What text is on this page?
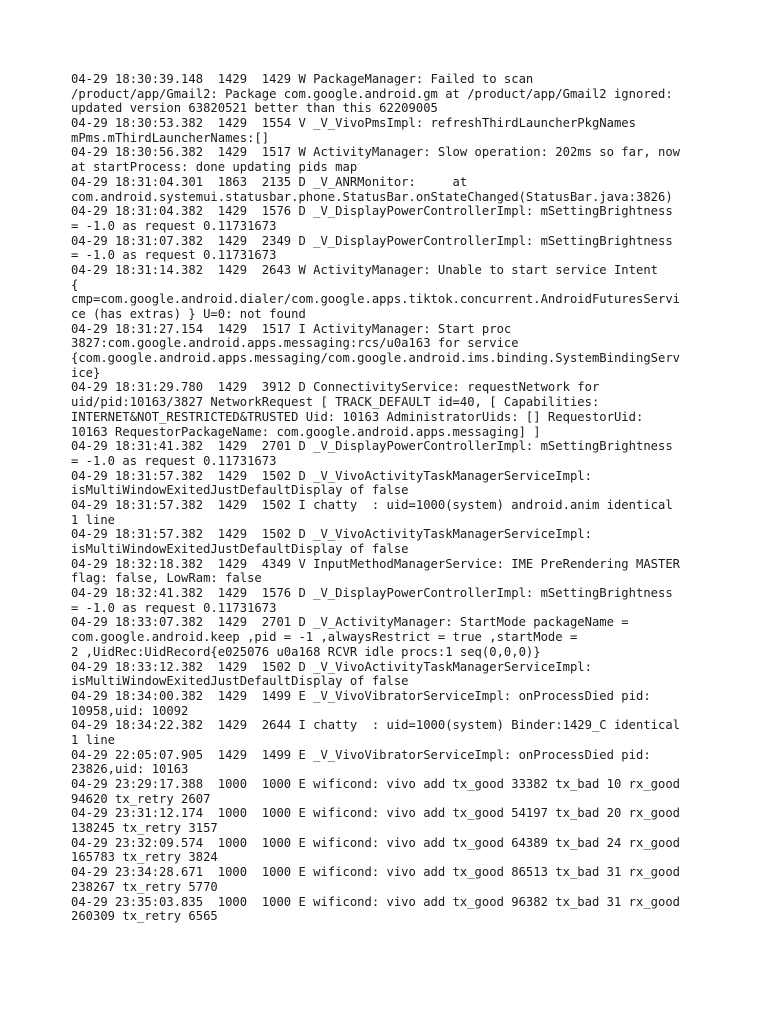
04-29 18:30:39.148  1429  1429 W PackageManager: Failed to scan
/product/app/Gmail2: Package com.google.android.gm at /product/app/Gmail2 ignored:
updated version 63820521 better than this 62209005
04-29 18:30:53.382  1429  1554 V _V_VivoPmsImpl: refreshThirdLauncherPkgNames
mPms.mThirdLauncherNames:[]
04-29 18:30:56.382  1429  1517 W ActivityManager: Slow operation: 202ms so far, now
at startProcess: done updating pids map
04-29 18:31:04.301  1863  2135 D _V_ANRMonitor:     at
com.android.systemui.statusbar.phone.StatusBar.onStateChanged(StatusBar.java:3826)
04-29 18:31:04.382  1429  1576 D _V_DisplayPowerControllerImpl: mSettingBrightness
= -1.0 as request 0.11731673
04-29 18:31:07.382  1429  2349 D _V_DisplayPowerControllerImpl: mSettingBrightness
= -1.0 as request 0.11731673
04-29 18:31:14.382  1429  2643 W ActivityManager: Unable to start service Intent
{
cmp=com.google.android.dialer/com.google.apps.tiktok.concurrent.AndroidFuturesServi
ce (has extras) } U=0: not found
04-29 18:31:27.154  1429  1517 I ActivityManager: Start proc
3827:com.google.android.apps.messaging:rcs/u0a163 for service
{com.google.android.apps.messaging/com.google.android.ims.binding.SystemBindingServ
ice}
04-29 18:31:29.780  1429  3912 D ConnectivityService: requestNetwork for
uid/pid:10163/3827 NetworkRequest [ TRACK_DEFAULT id=40, [ Capabilities:
INTERNET&NOT_RESTRICTED&TRUSTED Uid: 10163 AdministratorUids: [] RequestorUid:
10163 RequestorPackageName: com.google.android.apps.messaging] ]
04-29 18:31:41.382  1429  2701 D _V_DisplayPowerControllerImpl: mSettingBrightness
= -1.0 as request 0.11731673
04-29 18:31:57.382  1429  1502 D _V_VivoActivityTaskManagerServiceImpl:
isMultiWindowExitedJustDefaultDisplay of false
04-29 18:31:57.382  1429  1502 I chatty  : uid=1000(system) android.anim identical
1 line
04-29 18:31:57.382  1429  1502 D _V_VivoActivityTaskManagerServiceImpl:
isMultiWindowExitedJustDefaultDisplay of false
04-29 18:32:18.382  1429  4349 V InputMethodManagerService: IME PreRendering MASTER
flag: false, LowRam: false
04-29 18:32:41.382  1429  1576 D _V_DisplayPowerControllerImpl: mSettingBrightness
= -1.0 as request 0.11731673
04-29 18:33:07.382  1429  2701 D _V_ActivityManager: StartMode packageName =
com.google.android.keep ,pid = -1 ,alwaysRestrict = true ,startMode =
2 ,UidRec:UidRecord{e025076 u0a168 RCVR idle procs:1 seq(0,0,0)}
04-29 18:33:12.382  1429  1502 D _V_VivoActivityTaskManagerServiceImpl:
isMultiWindowExitedJustDefaultDisplay of false
04-29 18:34:00.382  1429  1499 E _V_VivoVibratorServiceImpl: onProcessDied pid:
10958,uid: 10092
04-29 18:34:22.382  1429  2644 I chatty  : uid=1000(system) Binder:1429_C identical
1 line
04-29 22:05:07.905  1429  1499 E _V_VivoVibratorServiceImpl: onProcessDied pid:
23826,uid: 10163
04-29 23:29:17.388  1000  1000 E wificond: vivo add tx_good 33382 tx_bad 10 rx_good
94620 tx_retry 2607
04-29 23:31:12.174  1000  1000 E wificond: vivo add tx_good 54197 tx_bad 20 rx_good
138245 tx_retry 3157
04-29 23:32:09.574  1000  1000 E wificond: vivo add tx_good 64389 tx_bad 24 rx_good
165783 tx_retry 3824
04-29 23:34:28.671  1000  1000 E wificond: vivo add tx_good 86513 tx_bad 31 rx_good
238267 tx_retry 5770
04-29 23:35:03.835  1000  1000 E wificond: vivo add tx_good 96382 tx_bad 31 rx_good
260309 tx_retry 6565
